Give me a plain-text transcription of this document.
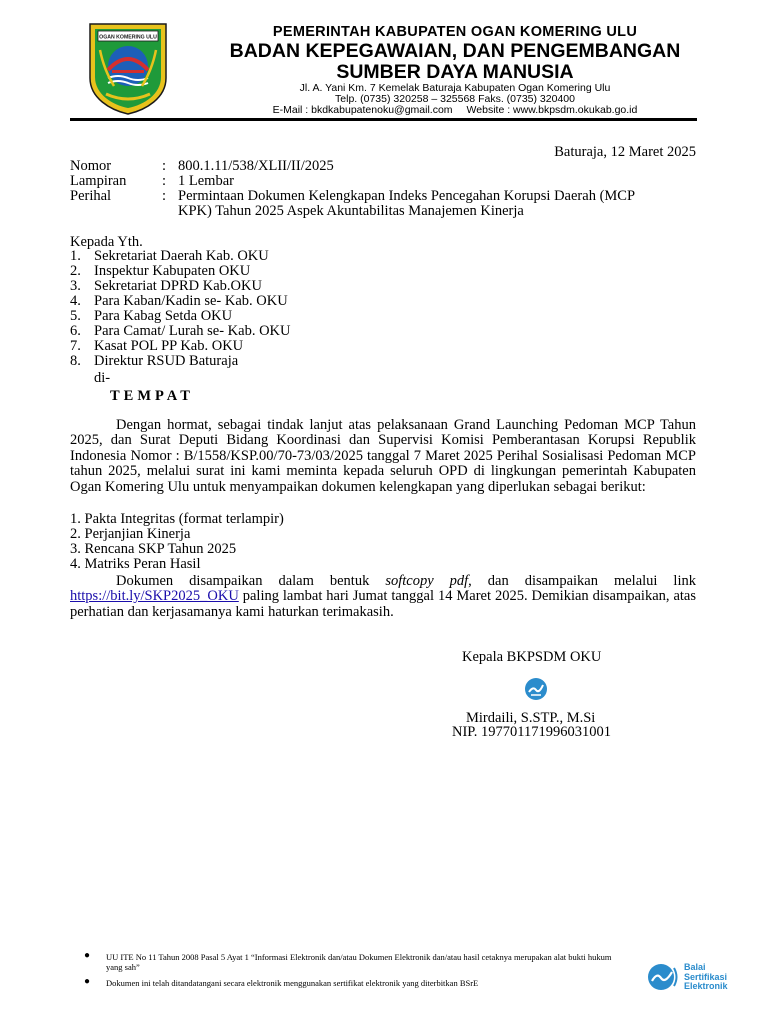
OGAN KOMERING ULU	PEMERINTAH KABUPATEN OGAN KOMERING ULU
BADAN KEPEGAWAIAN, DAN PENGEMBANGAN
SUMBER DAYA MANUSIA
Jl. A. Yani Km. 7 Kemelak Baturaja Kabupaten Ogan Komering Ulu
Telp. (0735) 320258 – 325568 Faks. (0735) 320400
E-Mail : bkdkabupatenoku@gmail.com Website : www.bkpsdm.okukab.go.id
Baturaja, 12 Maret 2025
Nomor	: 800.1.11/538/XLII/II/2025
Lampiran	: 1 Lembar
Perihal	: Permintaan Dokumen Kelengkapan Indeks Pencegahan Korupsi Daerah (MCP
KPK) Tahun 2025 Aspek Akuntabilitas Manajemen Kinerja
Kepada Yth.
1. Sekretariat Daerah Kab. OKU
2. Inspektur Kabupaten OKU
3. Sekretariat DPRD Kab.OKU
4. Para Kaban/Kadin se- Kab. OKU
5. Para Kabag Setda OKU
6. Para Camat/ Lurah se- Kab. OKU
7. Kasat POL PP Kab. OKU
8. Direktur RSUD Baturaja
di-
TEMPAT

Dengan hormat, sebagai tindak lanjut atas pelaksanaan Grand Launching Pedoman MCP Tahun 2025, dan Surat Deputi Bidang Koordinasi dan Supervisi Komisi Pemberantasan Korupsi Republik Indonesia Nomor : B/1558/KSP.00/70-73/03/2025 tanggal 7 Maret 2025 Perihal Sosialisasi Pedoman MCP tahun 2025, melalui surat ini kami meminta kepada seluruh OPD di lingkungan pemerintah Kabupaten Ogan Komering Ulu untuk menyampaikan dokumen kelengkapan yang diperlukan sebagai berikut:

1. Pakta Integritas (format terlampir)
2. Perjanjian Kinerja
3. Rencana SKP Tahun 2025
4. Matriks Peran Hasil

Dokumen disampaikan dalam bentuk softcopy pdf, dan disampaikan melalui link https://bit.ly/SKP2025_OKU paling lambat hari Jumat tanggal 14 Maret 2025. Demikian disampaikan, atas perhatian dan kerjasamanya kami haturkan terimakasih.

Kepala BKPSDM OKU
Mirdaili, S.STP., M.Si
NIP. 197701171996031001
● UU ITE No 11 Tahun 2008 Pasal 5 Ayat 1 “Informasi Elektronik dan/atau Dokumen Elektronik dan/atau hasil cetaknya merupakan alat bukti hukum yang sah”
● Dokumen ini telah ditandatangani secara elektronik menggunakan sertifikat elektronik yang diterbitkan BSrE
Balai
Sertifikasi
Elektronik
